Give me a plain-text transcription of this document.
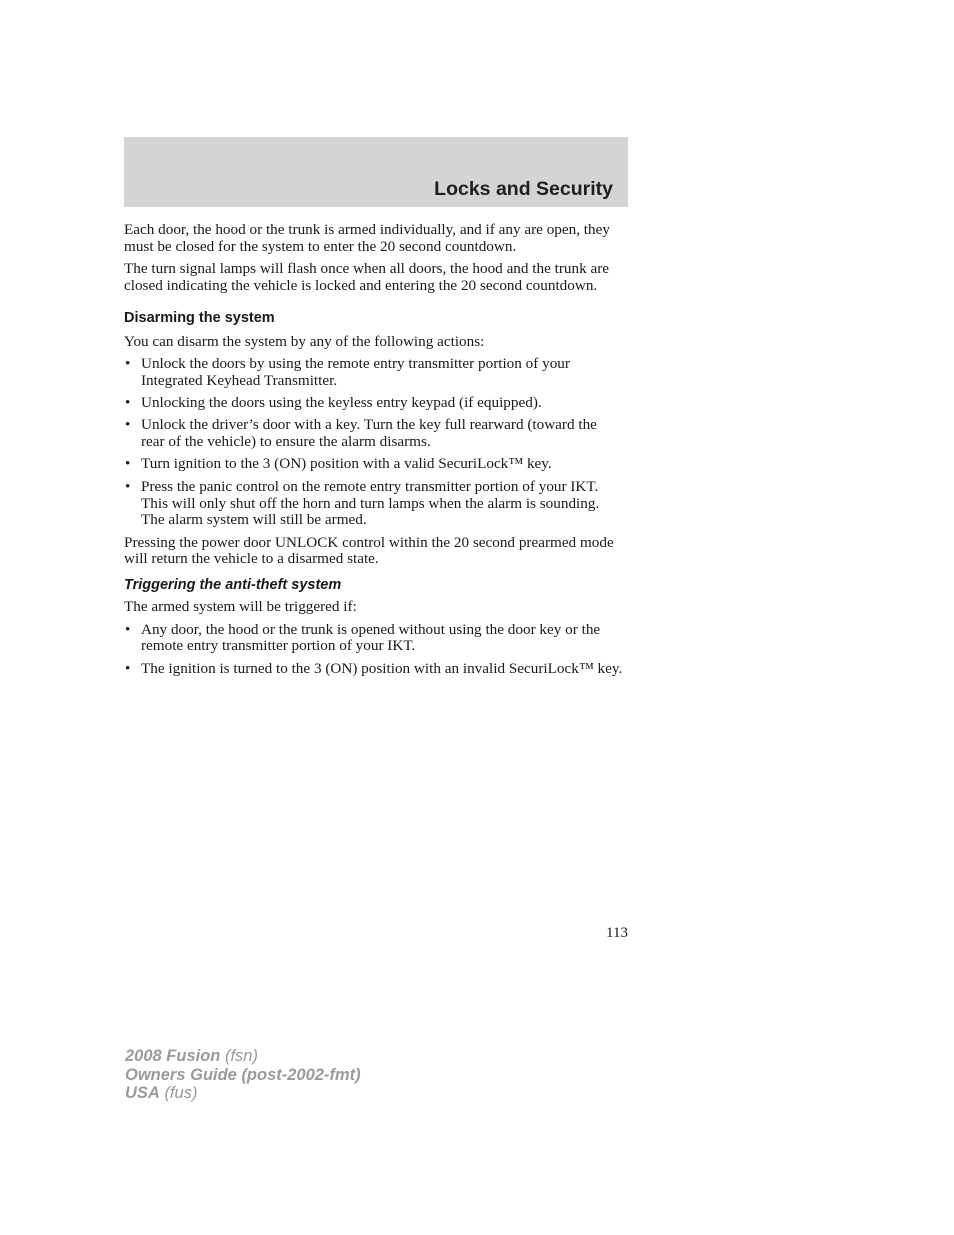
Locks and Security

Each door, the hood or the trunk is armed individually, and if any are open, they must be closed for the system to enter the 20 second countdown.

The turn signal lamps will flash once when all doors, the hood and the trunk are closed indicating the vehicle is locked and entering the 20 second countdown.

Disarming the system

You can disarm the system by any of the following actions:

• Unlock the doors by using the remote entry transmitter portion of your Integrated Keyhead Transmitter.
• Unlocking the doors using the keyless entry keypad (if equipped).
• Unlock the driver’s door with a key. Turn the key full rearward (toward the rear of the vehicle) to ensure the alarm disarms.
• Turn ignition to the 3 (ON) position with a valid SecuriLock™ key.
• Press the panic control on the remote entry transmitter portion of your IKT. This will only shut off the horn and turn lamps when the alarm is sounding. The alarm system will still be armed.

Pressing the power door UNLOCK control within the 20 second prearmed mode will return the vehicle to a disarmed state.

Triggering the anti-theft system

The armed system will be triggered if:

• Any door, the hood or the trunk is opened without using the door key or the remote entry transmitter portion of your IKT.
• The ignition is turned to the 3 (ON) position with an invalid SecuriLock™ key.
113
2008 Fusion (fsn)
Owners Guide (post-2002-fmt)
USA (fus)
